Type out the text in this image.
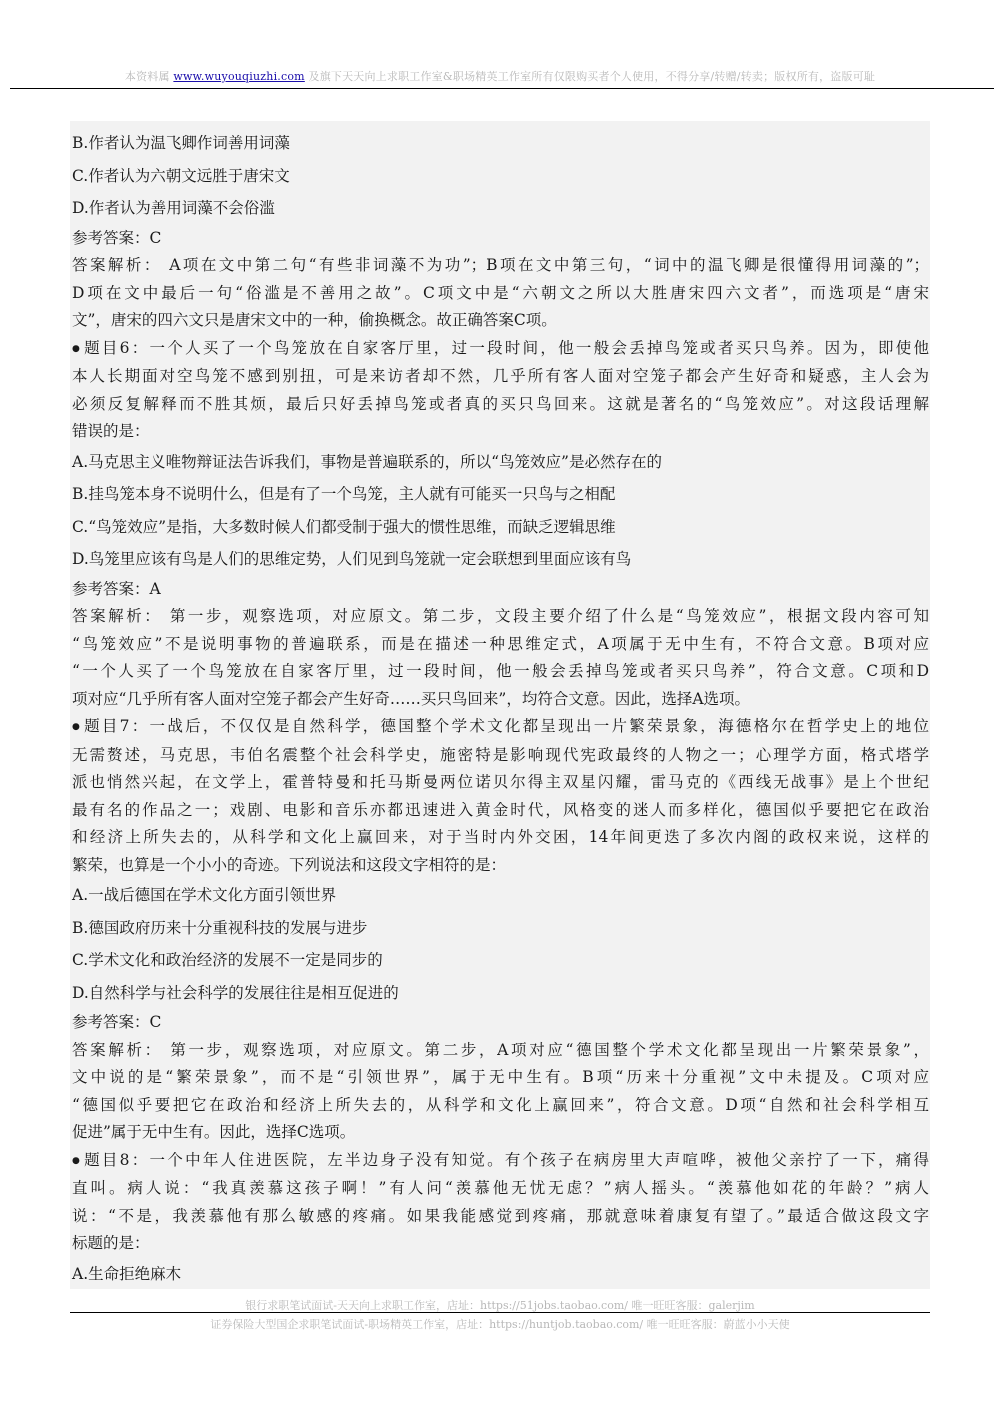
本资料属 www.wuyouqiuzhi.com 及旗下天天向上求职工作室&职场精英工作室所有仅限购买者个人使用，不得分享/转赠/转卖；版权所有，盗版可耻
B.作者认为温飞卿作词善用词藻
C.作者认为六朝文远胜于唐宋文
D.作者认为善用词藻不会俗滥
参考答案：C
答案解析： A项在文中第二句“有些非词藻不为功”；B项在文中第三句，“词中的温飞卿是很懂得用词藻的”；
D项在文中最后一句“俗滥是不善用之故”。C项文中是“六朝文之所以大胜唐宋四六文者”，而选项是“唐宋
文”，唐宋的四六文只是唐宋文中的一种，偷换概念。故正确答案C项。
● 题目6：一个人买了一个鸟笼放在自家客厅里，过一段时间，他一般会丢掉鸟笼或者买只鸟养。因为，即使他
本人长期面对空鸟笼不感到别扭，可是来访者却不然，几乎所有客人面对空笼子都会产生好奇和疑惑，主人会为
必须反复解释而不胜其烦，最后只好丢掉鸟笼或者真的买只鸟回来。这就是著名的“鸟笼效应”。对这段话理解
错误的是：
A.马克思主义唯物辩证法告诉我们，事物是普遍联系的，所以“鸟笼效应”是必然存在的
B.挂鸟笼本身不说明什么，但是有了一个鸟笼，主人就有可能买一只鸟与之相配
C.“鸟笼效应”是指，大多数时候人们都受制于强大的惯性思维，而缺乏逻辑思维
D.鸟笼里应该有鸟是人们的思维定势，人们见到鸟笼就一定会联想到里面应该有鸟
参考答案：A
答案解析： 第一步，观察选项，对应原文。第二步，文段主要介绍了什么是“鸟笼效应”，根据文段内容可知
“鸟笼效应”不是说明事物的普遍联系，而是在描述一种思维定式，A项属于无中生有，不符合文意。B项对应
“一个人买了一个鸟笼放在自家客厅里，过一段时间，他一般会丢掉鸟笼或者买只鸟养”，符合文意。C项和D
项对应“几乎所有客人面对空笼子都会产生好奇……买只鸟回来”，均符合文意。因此，选择A选项。
● 题目7：一战后，不仅仅是自然科学，德国整个学术文化都呈现出一片繁荣景象，海德格尔在哲学史上的地位
无需赘述，马克思，韦伯名震整个社会科学史，施密特是影响现代宪政最终的人物之一；心理学方面，格式塔学
派也悄然兴起，在文学上，霍普特曼和托马斯曼两位诺贝尔得主双星闪耀，雷马克的《西线无战事》是上个世纪
最有名的作品之一；戏剧、电影和音乐亦都迅速进入黄金时代，风格变的迷人而多样化，德国似乎要把它在政治
和经济上所失去的，从科学和文化上赢回来，对于当时内外交困，14年间更迭了多次内阁的政权来说，这样的
繁荣，也算是一个小小的奇迹。下列说法和这段文字相符的是：
A.一战后德国在学术文化方面引领世界
B.德国政府历来十分重视科技的发展与进步
C.学术文化和政治经济的发展不一定是同步的
D.自然科学与社会科学的发展往往是相互促进的
参考答案：C
答案解析： 第一步，观察选项，对应原文。第二步，A项对应“德国整个学术文化都呈现出一片繁荣景象”，
文中说的是“繁荣景象”，而不是“引领世界”，属于无中生有。B项“历来十分重视”文中未提及。C项对应
“德国似乎要把它在政治和经济上所失去的，从科学和文化上赢回来”，符合文意。D项“自然和社会科学相互
促进”属于无中生有。因此，选择C选项。
● 题目8：一个中年人住进医院，左半边身子没有知觉。有个孩子在病房里大声喧哗，被他父亲拧了一下，痛得
直叫。病人说：“我真羡慕这孩子啊！”有人问“羡慕他无忧无虑？”病人摇头。“羡慕他如花的年龄？”病人
说：“不是，我羡慕他有那么敏感的疼痛。如果我能感觉到疼痛，那就意味着康复有望了。”最适合做这段文字
标题的是：
A.生命拒绝麻木
银行求职笔试面试-天天向上求职工作室，店址：https://51jobs.taobao.com/ 唯一旺旺客服：galerjim
证券保险大型国企求职笔试面试-职场精英工作室，店址：https://huntjob.taobao.com/ 唯一旺旺客服：蔚蓝小小天使
